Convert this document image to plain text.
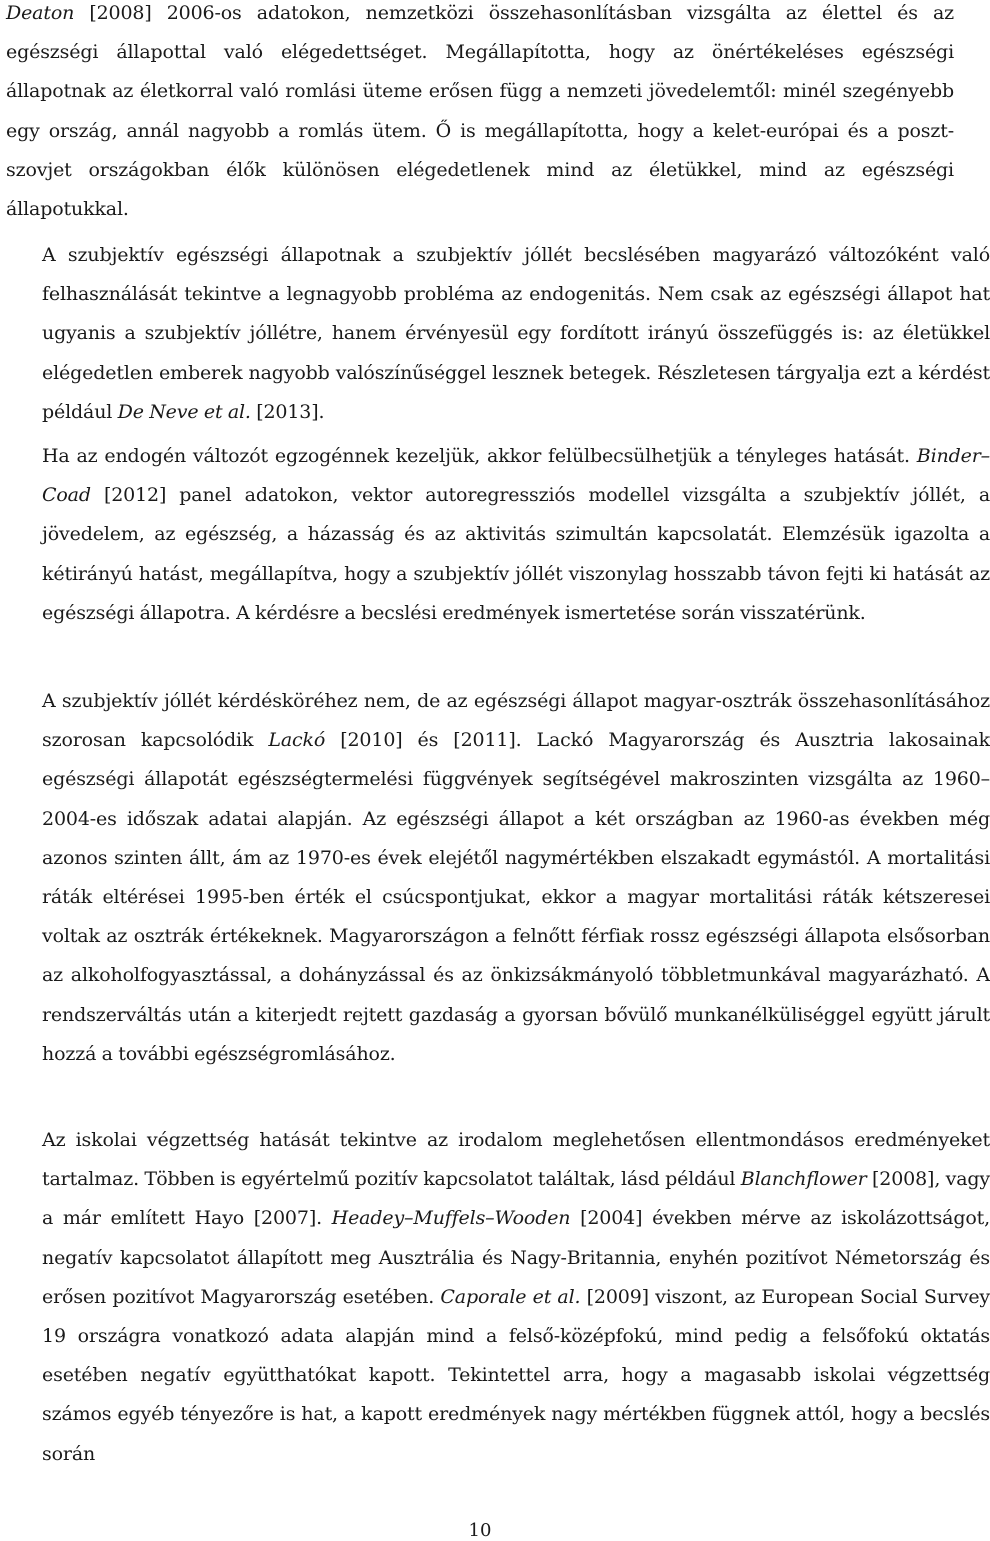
Deaton [2008] 2006-os adatokon, nemzetközi összehasonlításban vizsgálta az élettel és az egészségi állapottal való elégedettséget. Megállapította, hogy az önértékeléses egészségi állapotnak az életkorral való romlási üteme erősen függ a nemzeti jövedelemtől: minél szegényebb egy ország, annál nagyobb a romlás ütem. Ő is megállapította, hogy a kelet-európai és a poszt-szovjet országokban élők különösen elégedetlenek mind az életükkel, mind az egészségi állapotukkal.

A szubjektív egészségi állapotnak a szubjektív jóllét becslésében magyarázó változóként való felhasználását tekintve a legnagyobb probléma az endogenitás. Nem csak az egészségi állapot hat ugyanis a szubjektív jóllétre, hanem érvényesül egy fordított irányú összefüggés is: az életükkel elégedetlen emberek nagyobb valószínűséggel lesznek betegek. Részletesen tárgyalja ezt a kérdést például De Neve et al. [2013].

Ha az endogén változót egzogénnek kezeljük, akkor felülbecsülhetjük a tényleges hatását. Binder–Coad [2012] panel adatokon, vektor autoregressziós modellel vizsgálta a szubjektív jóllét, a jövedelem, az egészség, a házasság és az aktivitás szimultán kapcsolatát. Elemzésük igazolta a kétirányú hatást, megállapítva, hogy a szubjektív jóllét viszonylag hosszabb távon fejti ki hatását az egészségi állapotra. A kérdésre a becslési eredmények ismertetése során visszatérünk.

A szubjektív jóllét kérdésköréhez nem, de az egészségi állapot magyar-osztrák összehasonlításához szorosan kapcsolódik Lackó [2010] és [2011]. Lackó Magyarország és Ausztria lakosainak egészségi állapotát egészségtermelési függvények segítségével makroszinten vizsgálta az 1960–2004-es időszak adatai alapján. Az egészségi állapot a két országban az 1960-as években még azonos szinten állt, ám az 1970-es évek elejétől nagymértékben elszakadt egymástól. A mortalitási ráták eltérései 1995-ben érték el csúcspontjukat, ekkor a magyar mortalitási ráták kétszeresei voltak az osztrák értékeknek. Magyarországon a felnőtt férfiak rossz egészségi állapota elsősorban az alkoholfogyasztással, a dohányzással és az önkizsákmányoló többletmunkával magyarázható. A rendszerváltás után a kiterjedt rejtett gazdaság a gyorsan bővülő munkanélküliséggel együtt járult hozzá a további egészségromlásához.

Az iskolai végzettség hatását tekintve az irodalom meglehetősen ellentmondásos eredményeket tartalmaz. Többen is egyértelmű pozitív kapcsolatot találtak, lásd például Blanchflower [2008], vagy a már említett Hayo [2007]. Headey–Muffels–Wooden [2004] években mérve az iskolázottságot, negatív kapcsolatot állapított meg Ausztrália és Nagy-Britannia, enyhén pozitívot Németország és erősen pozitívot Magyarország esetében. Caporale et al. [2009] viszont, az European Social Survey 19 országra vonatkozó adata alapján mind a felső-középfokú, mind pedig a felsőfokú oktatás esetében negatív együtthatókat kapott. Tekintettel arra, hogy a magasabb iskolai végzettség számos egyéb tényezőre is hat, a kapott eredmények nagy mértékben függnek attól, hogy a becslés során

10
